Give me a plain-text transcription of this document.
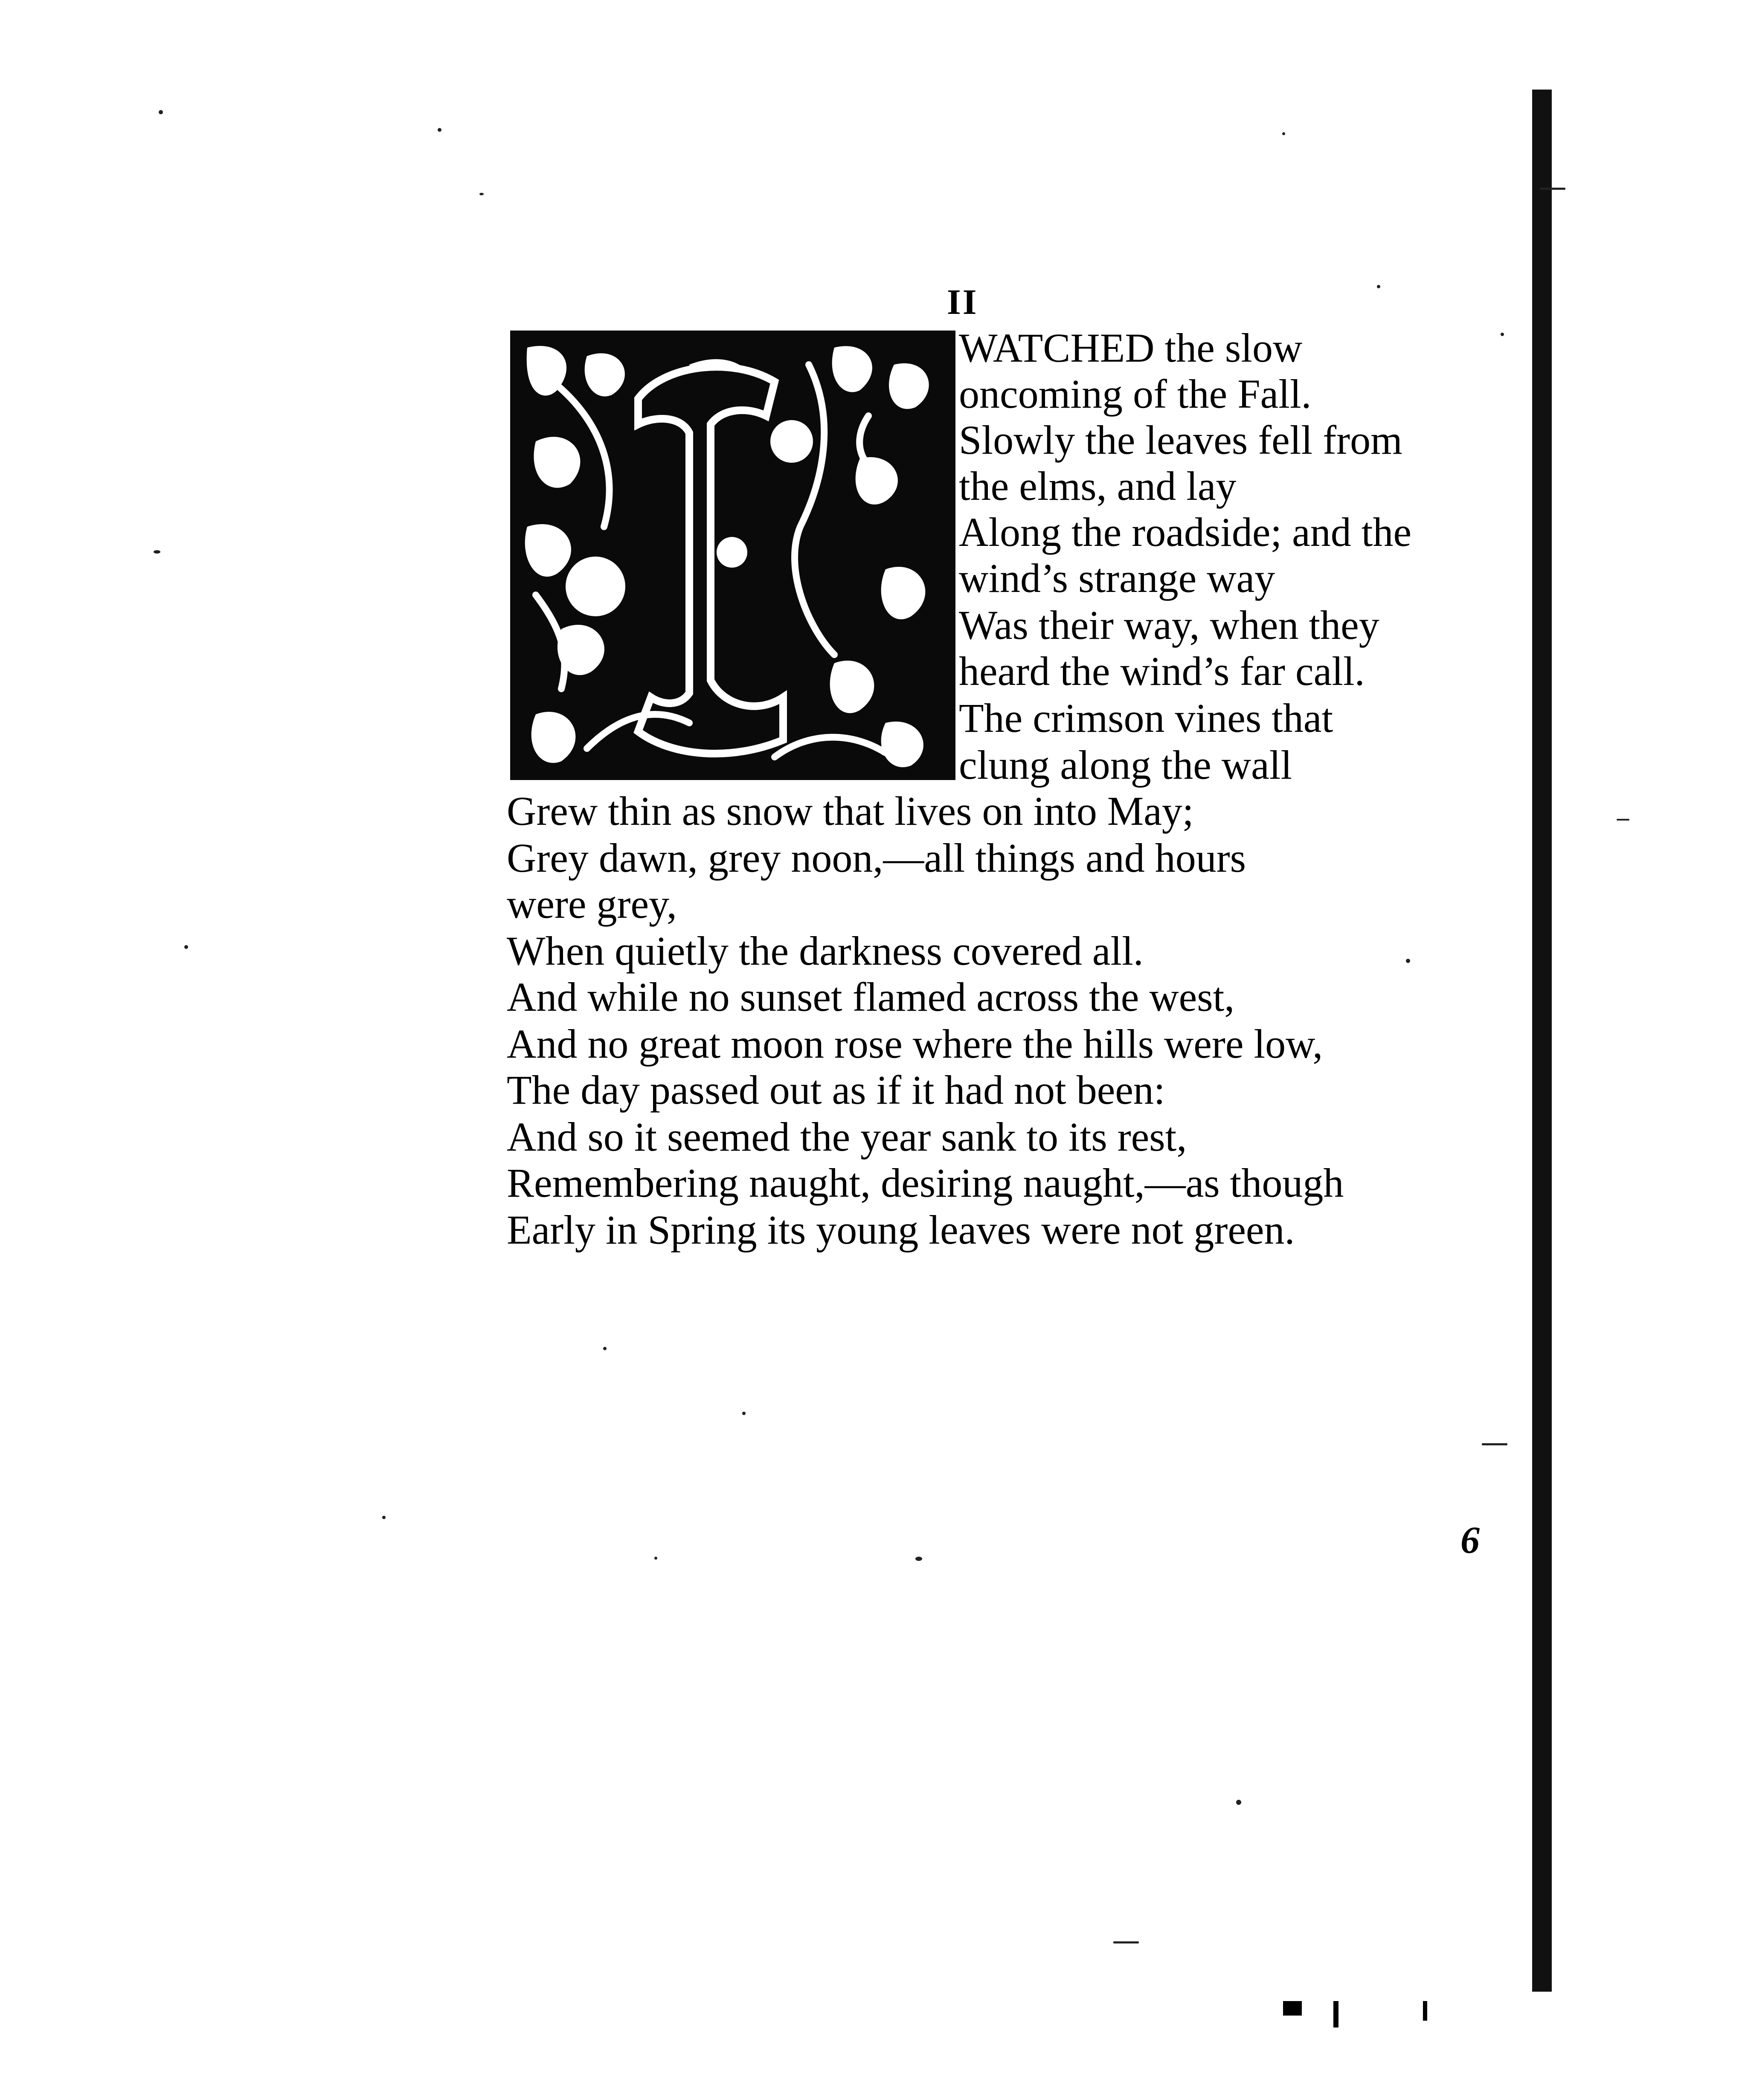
II
WATCHED the slow
oncoming of the Fall.
Slowly the leaves fell from
the elms, and lay
Along the roadside; and the
wind’s strange way
Was their way, when they
heard the wind’s far call.
The crimson vines that
clung along the wall
Grew thin as snow that lives on into May;
Grey dawn, grey noon,—all things and hours
were grey,
When quietly the darkness covered all.
And while no sunset flamed across the west,
And no great moon rose where the hills were low,
The day passed out as if it had not been:
And so it seemed the year sank to its rest,
Remembering naught, desiring naught,—as though
Early in Spring its young leaves were not green.
6
